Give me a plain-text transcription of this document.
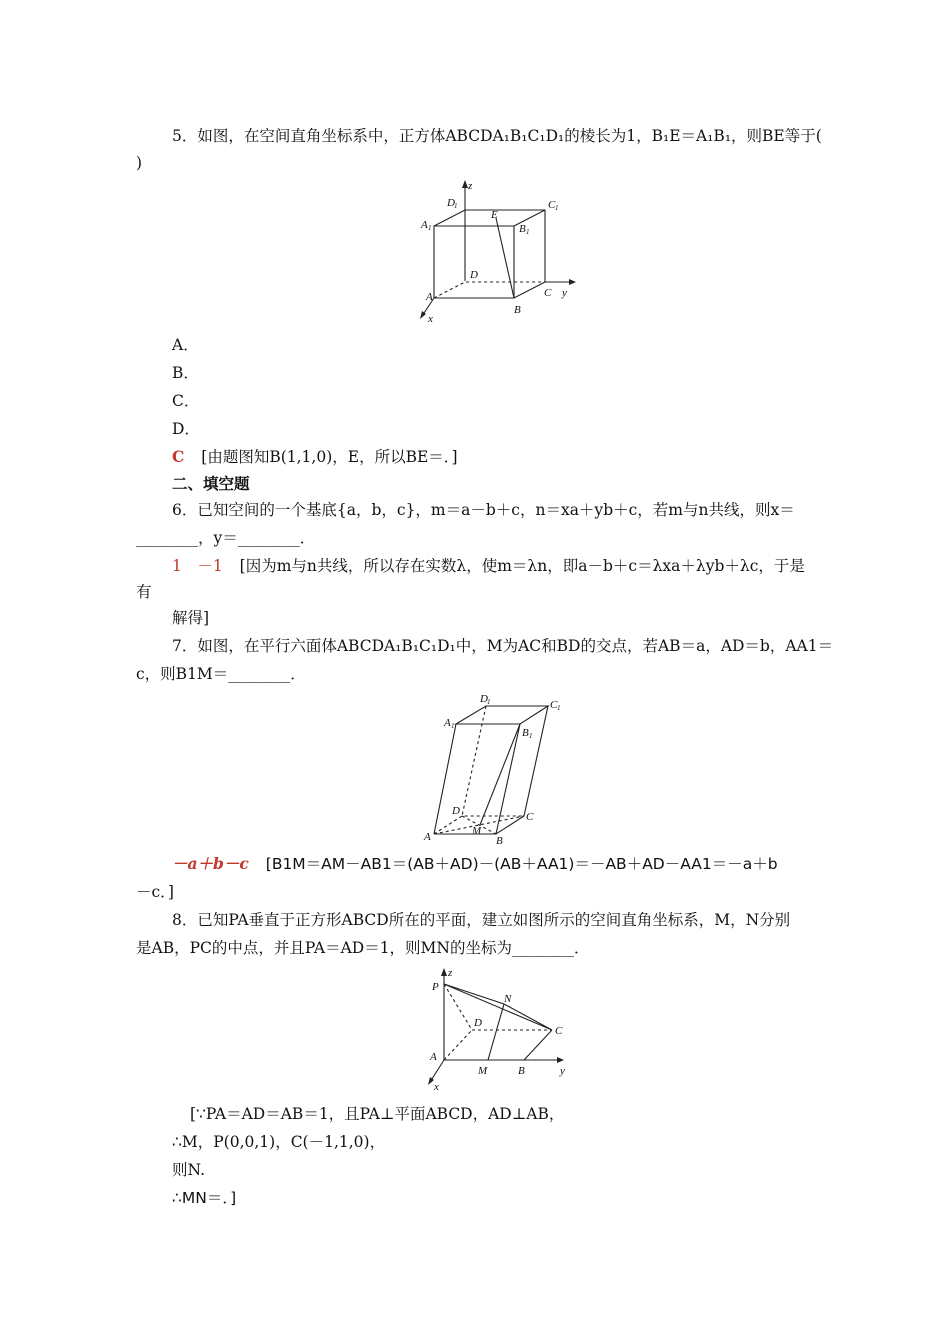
5．如图，在空间直角坐标系中，正方体ABCDA₁B₁C₁D₁的棱长为1，B₁E＝A₁B₁，则BE等于(
)
z
y
x
A
B
C
D
A 1	B 1
C 1
D 1
E
A．
B．
C．
D．
C [由题图知B(1,1,0)，E，所以BE＝．]
二、填空题
6．已知空间的一个基底{a，b，c}，m＝a－b＋c，n＝xa＋yb＋c，若m与n共线，则x＝
________，y＝________．
1　－1 [因为m与n共线，所以存在实数λ，使m＝λn，即a－b＋c＝λxa＋λyb＋λc，于是
有
解得]
7．如图，在平行六面体ABCDA₁B₁C₁D₁中，M为AC和BD的交点，若AB＝a，AD＝b，AA1＝
c，则B1M＝________．
A	B
C
D
M
A 1
B 1
C 1
D 1
－a＋b－c [B1M＝AM－AB1＝(AB＋AD)－(AB＋AA1)＝－AB＋AD－AA1＝－a＋b
－c．]
8．已知PA垂直于正方形ABCD所在的平面，建立如图所示的空间直角坐标系，M，N分别
是AB，PC的中点，并且PA＝AD＝1，则MN的坐标为________．
z
y
x
P
N
D
C
A
M	B
[∵PA＝AD＝AB＝1，且PA⊥平面ABCD，AD⊥AB，
∴M，P(0,0,1)，C(－1,1,0)，
则N.
∴MN＝．]
